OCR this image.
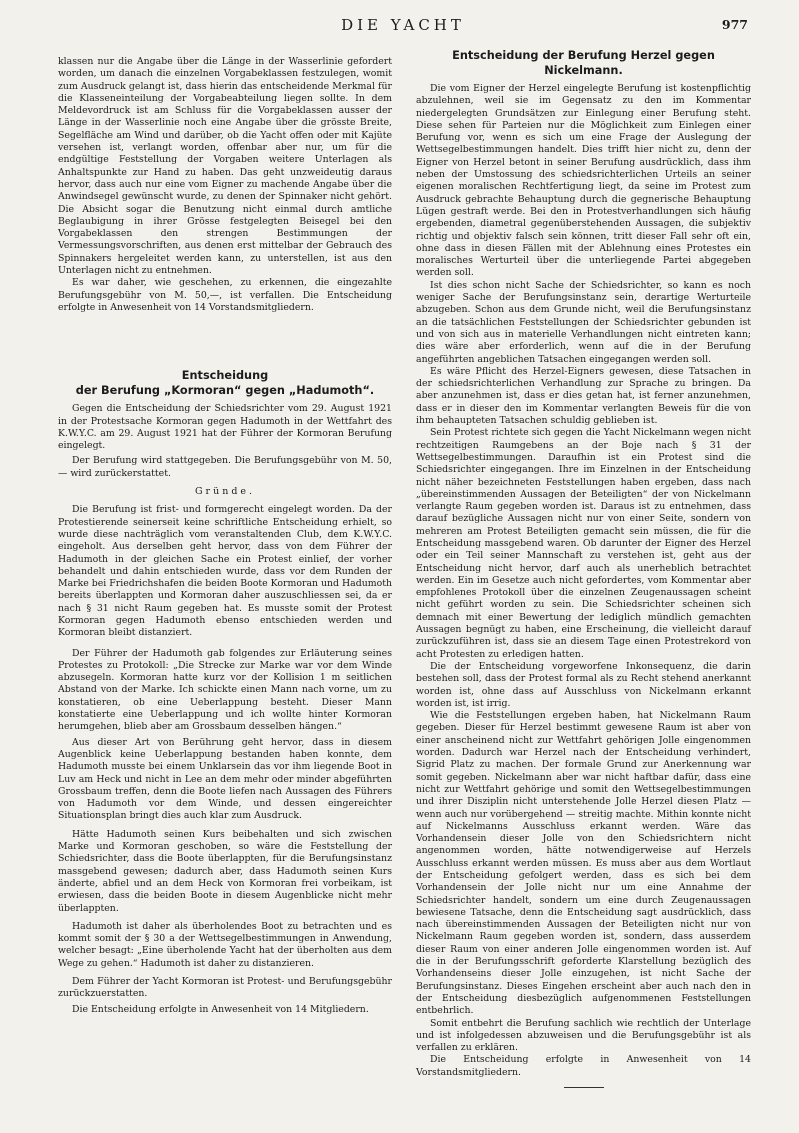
DIE YACHT	977

klassen nur die Angabe über die Länge in der Wasserlinie gefordert worden, um danach die einzelnen Vorgabeklassen festzulegen, womit zum Ausdruck gelangt ist, dass hierin das entscheidende Merkmal für die Klasseneinteilung der Vorgabeabteilung liegen sollte. In dem Meldevordruck ist am Schluss für die Vorgabeklassen ausser der Länge in der Wasserlinie noch eine Angabe über die grösste Breite, Segelfläche am Wind und darüber, ob die Yacht offen oder mit Kajüte versehen ist, verlangt worden, offenbar aber nur, um für die endgültige Feststellung der Vorgaben weitere Unterlagen als Anhaltspunkte zur Hand zu haben. Das geht unzweideutig daraus hervor, dass auch nur eine vom Eigner zu machende Angabe über die Anwindsegel gewünscht wurde, zu denen der Spinnaker nicht gehört. Die Absicht sogar die Benutzung nicht einmal durch amtliche Beglaubigung in ihrer Grösse festgelegten Beisegel bei den Vorgabeklassen den strengen Bestimmungen der Vermessungsvorschriften, aus denen erst mittelbar der Gebrauch des Spinnakers hergeleitet werden kann, zu unterstellen, ist aus den Unterlagen nicht zu entnehmen.

Es war daher, wie geschehen, zu erkennen, die eingezahlte Berufungsgebühr von M. 50,—, ist verfallen. Die Entscheidung erfolgte in Anwesenheit von 14 Vorstandsmitgliedern.

Entscheidung
der Berufung „Kormoran“ gegen „Hadumoth“.

Gegen die Entscheidung der Schiedsrichter vom 29. August 1921 in der Protestsache Kormoran gegen Hadumoth in der Wettfahrt des K.W.Y.C. am 29. August 1921 hat der Führer der Kormoran Berufung eingelegt.

Der Berufung wird stattgegeben. Die Berufungsgebühr von M. 50,— wird zurückerstattet.

Gründe.

Die Berufung ist frist- und formgerecht eingelegt worden. Da der Protestierende seinerseit keine schriftliche Entscheidung erhielt, so wurde diese nachträglich vom veranstaltenden Club, dem K.W.Y.C. eingeholt. Aus derselben geht hervor, dass von dem Führer der Hadumoth in der gleichen Sache ein Protest einlief, der vorher behandelt und dahin entschieden wurde, dass vor dem Runden der Marke bei Friedrichshafen die beiden Boote Kormoran und Hadumoth bereits überlappten und Kormoran daher auszuschliessen sei, da er nach § 31 nicht Raum gegeben hat. Es musste somit der Protest Kormoran gegen Hadumoth ebenso entschieden werden und Kormoran bleibt distanziert.

Der Führer der Hadumoth gab folgendes zur Erläuterung seines Protestes zu Protokoll: „Die Strecke zur Marke war vor dem Winde abzusegeln. Kormoran hatte kurz vor der Kollision 1 m seitlichen Abstand von der Marke. Ich schickte einen Mann nach vorne, um zu konstatieren, ob eine Ueberlappung besteht. Dieser Mann konstatierte eine Ueberlappung und ich wollte hinter Kormoran herumgehen, blieb aber am Grossbaum desselben hängen.“

Aus dieser Art von Berührung geht hervor, dass in diesem Augenblick keine Ueberlappung bestanden haben konnte, dem Hadumoth musste bei einem Unklarsein das vor ihm liegende Boot in Luv am Heck und nicht in Lee an dem mehr oder minder abgeführten Grossbaum treffen, denn die Boote liefen nach Aussagen des Führers von Hadumoth vor dem Winde, und dessen eingereichter Situationsplan bringt dies auch klar zum Ausdruck.

Hätte Hadumoth seinen Kurs beibehalten und sich zwischen Marke und Kormoran geschoben, so wäre die Feststellung der Schiedsrichter, dass die Boote überlappten, für die Berufungsinstanz massgebend gewesen; dadurch aber, dass Hadumoth seinen Kurs änderte, abfiel und an dem Heck von Kormoran frei vorbeikam, ist erwiesen, dass die beiden Boote in diesem Augenblicke nicht mehr überlappten.

Hadumoth ist daher als überholendes Boot zu betrachten und es kommt somit der § 30 a der Wettsegelbestimmungen in Anwendung, welcher besagt: „Eine überholende Yacht hat der überholten aus dem Wege zu gehen.“ Hadumoth ist daher zu distanzieren.

Dem Führer der Yacht Kormoran ist Protest- und Berufungsgebühr zurückzuerstatten.

Die Entscheidung erfolgte in Anwesenheit von 14 Mitgliedern.

Entscheidung der Berufung Herzel gegen Nickelmann.

Die vom Eigner der Herzel eingelegte Berufung ist kostenpflichtig abzulehnen, weil sie im Gegensatz zu den im Kommentar niedergelegten Grundsätzen zur Einlegung einer Berufung steht. Diese sehen für Parteien nur die Möglichkeit zum Einlegen einer Berufung vor, wenn es sich um eine Frage der Auslegung der Wettsegelbestimmungen handelt. Dies trifft hier nicht zu, denn der Eigner von Herzel betont in seiner Berufung ausdrücklich, dass ihm neben der Umstossung des schiedsrichterlichen Urteils an seiner eigenen moralischen Rechtfertigung liegt, da seine im Protest zum Ausdruck gebrachte Behauptung durch die gegnerische Behauptung Lügen gestraft werde. Bei den in Protestverhandlungen sich häufig ergebenden, diametral gegenüberstehenden Aussagen, die subjektiv richtig und objektiv falsch sein können, tritt dieser Fall sehr oft ein, ohne dass in diesen Fällen mit der Ablehnung eines Protestes ein moralisches Werturteil über die unterliegende Partei abgegeben werden soll.

Ist dies schon nicht Sache der Schiedsrichter, so kann es noch weniger Sache der Berufungsinstanz sein, derartige Werturteile abzugeben. Schon aus dem Grunde nicht, weil die Berufungsinstanz an die tatsächlichen Feststellungen der Schiedsrichter gebunden ist und von sich aus in materielle Verhandlungen nicht eintreten kann; dies wäre aber erforderlich, wenn auf die in der Berufung angeführten angeblichen Tatsachen eingegangen werden soll.

Es wäre Pflicht des Herzel-Eigners gewesen, diese Tatsachen in der schiedsrichterlichen Verhandlung zur Sprache zu bringen. Da aber anzunehmen ist, dass er dies getan hat, ist ferner anzunehmen, dass er in dieser den im Kommentar verlangten Beweis für die von ihm behaupteten Tatsachen schuldig geblieben ist.

Sein Protest richtete sich gegen die Yacht Nickelmann wegen nicht rechtzeitigen Raumgebens an der Boje nach § 31 der Wettsegelbestimmungen. Daraufhin ist ein Protest sind die Schiedsrichter eingegangen. Ihre im Einzelnen in der Entscheidung nicht näher bezeichneten Feststellungen haben ergeben, dass nach „übereinstimmenden Aussagen der Beteiligten“ der von Nickelmann verlangte Raum gegeben worden ist. Daraus ist zu entnehmen, dass darauf bezügliche Aussagen nicht nur von einer Seite, sondern von mehreren am Protest Beteiligten gemacht sein müssen, die für die Entscheidung massgebend waren. Ob darunter der Eigner des Herzel oder ein Teil seiner Mannschaft zu verstehen ist, geht aus der Entscheidung nicht hervor, darf auch als unerheblich betrachtet werden. Ein im Gesetze auch nicht gefordertes, vom Kommentar aber empfohlenes Protokoll über die einzelnen Zeugenaussagen scheint nicht geführt worden zu sein. Die Schiedsrichter scheinen sich demnach mit einer Bewertung der lediglich mündlich gemachten Aussagen begnügt zu haben, eine Erscheinung, die vielleicht darauf zurückzuführen ist, dass sie an diesem Tage einen Protestrekord von acht Protesten zu erledigen hatten.

Die der Entscheidung vorgeworfene Inkonsequenz, die darin bestehen soll, dass der Protest formal als zu Recht stehend anerkannt worden ist, ohne dass auf Ausschluss von Nickelmann erkannt worden ist, ist irrig.

Wie die Feststellungen ergeben haben, hat Nickelmann Raum gegeben. Dieser für Herzel bestimmt gewesene Raum ist aber von einer anscheinend nicht zur Wettfahrt gehörigen Jolle eingenommen worden. Dadurch war Herzel nach der Entscheidung verhindert, Sigrid Platz zu machen. Der formale Grund zur Anerkennung war somit gegeben. Nickelmann aber war nicht haftbar dafür, dass eine nicht zur Wettfahrt gehörige und somit den Wettsegelbestimmungen und ihrer Disziplin nicht unterstehende Jolle Herzel diesen Platz — wenn auch nur vorübergehend — streitig machte. Mithin konnte nicht auf Nickelmanns Ausschluss erkannt werden. Wäre das Vorhandensein dieser Jolle von den Schiedsrichtern nicht angenommen worden, hätte notwendigerweise auf Herzels Ausschluss erkannt werden müssen. Es muss aber aus dem Wortlaut der Entscheidung gefolgert werden, dass es sich bei dem Vorhandensein der Jolle nicht nur um eine Annahme der Schiedsrichter handelt, sondern um eine durch Zeugenaussagen bewiesene Tatsache, denn die Entscheidung sagt ausdrücklich, dass nach übereinstimmenden Aussagen der Beteiligten nicht nur von Nickelmann Raum gegeben worden ist, sondern, dass ausserdem dieser Raum von einer anderen Jolle eingenommen worden ist. Auf die in der Berufungsschrift geforderte Klarstellung bezüglich des Vorhandenseins dieser Jolle einzugehen, ist nicht Sache der Berufungsinstanz. Dieses Eingehen erscheint aber auch nach den in der Entscheidung diesbezüglich aufgenommenen Feststellungen entbehrlich.

Somit entbehrt die Berufung sachlich wie rechtlich der Unterlage und ist infolgedessen abzuweisen und die Berufungsgebühr ist als verfallen zu erklären.

Die Entscheidung erfolgte in Anwesenheit von 14 Vorstandsmitgliedern.
